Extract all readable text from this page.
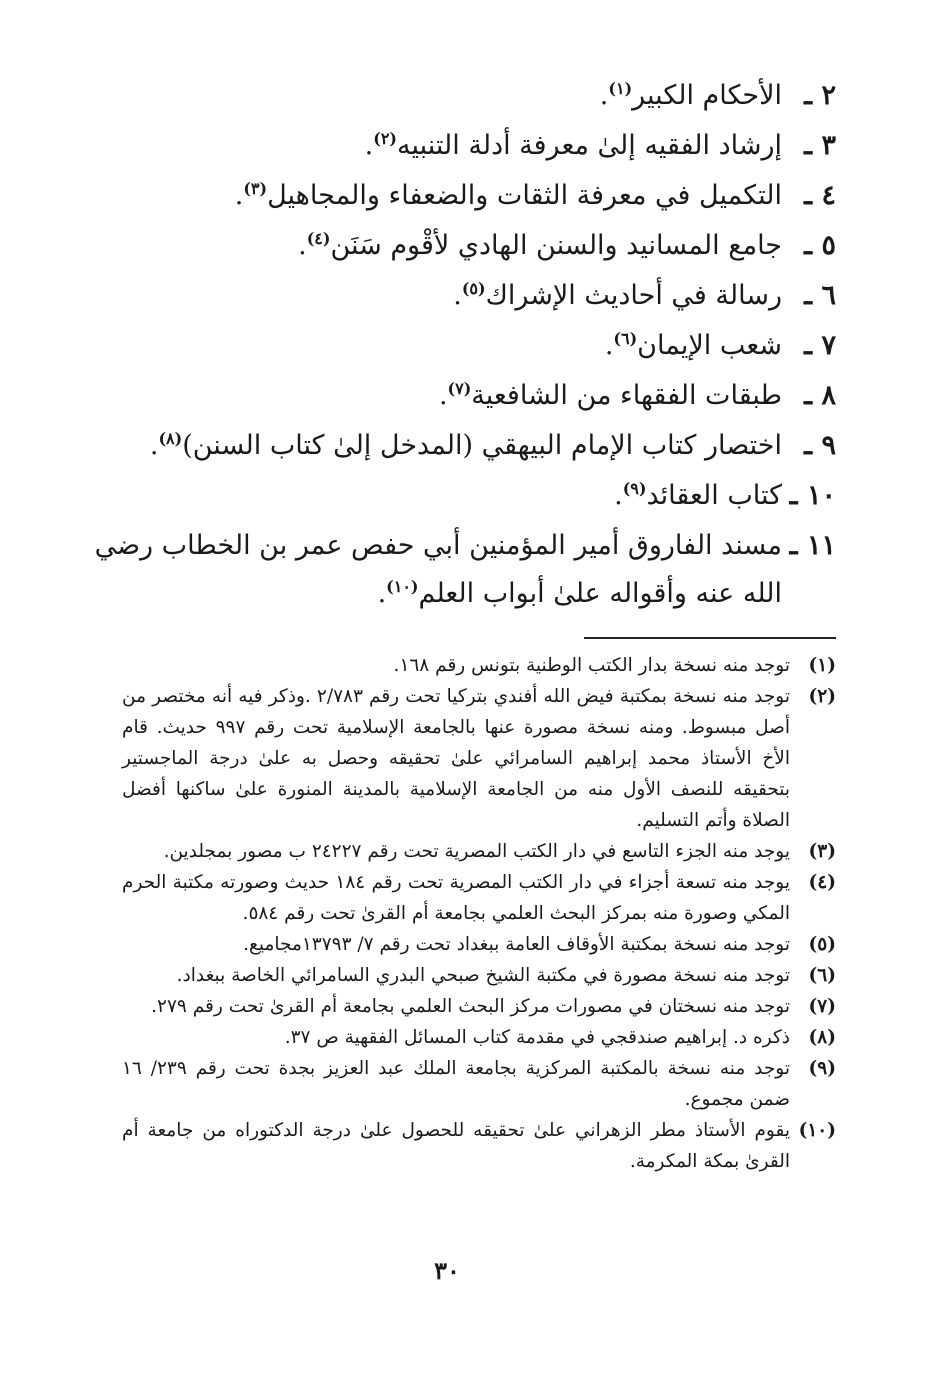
٢ ـ
الأحكام الكبير$^{(١)}$.
٣ ـ
إرشاد الفقيه إلىٰ معرفة أدلة التنبيه$^{(٢)}$.
٤ ـ
التكميل في معرفة الثقات والضعفاء والمجاهيل$^{(٣)}$.
٥ ـ
جامع المسانيد والسنن الهادي لأقْوم سَنَن$^{(٤)}$.
٦ ـ
رسالة في أحاديث الإشراك$^{(٥)}$.
٧ ـ
شعب الإيمان$^{(٦)}$.
٨ ـ
طبقات الفقهاء من الشافعية$^{(٧)}$.
٩ ـ
اختصار كتاب الإمام البيهقي (المدخل إلىٰ كتاب السنن)$^{(٨)}$.
١٠ ـ
كتاب العقائد$^{(٩)}$.
١١ ـ
مسند الفاروق أمير المؤمنين أبي حفص عمر بن الخطاب رضي الله عنه وأقواله علىٰ أبواب العلم$^{(١٠)}$.
(١)
توجد منه نسخة بدار الكتب الوطنية بتونس رقم ١٦٨.
(٢)
توجد منه نسخة بمكتبة فيض الله أفندي بتركيا تحت رقم ٢/٧٨٣ .وذكر فيه أنه مختصر من أصل مبسوط. ومنه نسخة مصورة عنها بالجامعة الإسلامية تحت رقم ٩٩٧ حديث. قام الأخ الأستاذ محمد إبراهيم السامرائي علىٰ تحقيقه وحصل به علىٰ درجة الماجستير بتحقيقه للنصف الأول منه من الجامعة الإسلامية بالمدينة المنورة علىٰ ساكنها أفضل الصلاة وأتم التسليم.
(٣)
يوجد منه الجزء التاسع في دار الكتب المصرية تحت رقم ٢٤٢٢٧ ب مصور بمجلدين.
(٤)
يوجد منه تسعة أجزاء في دار الكتب المصرية تحت رقم ١٨٤ حديث وصورته مكتبة الحرم المكي وصورة منه بمركز البحث العلمي بجامعة أم القرىٰ تحت رقم ٥٨٤.
(٥)
توجد منه نسخة بمكتبة الأوقاف العامة ببغداد تحت رقم ٧/ ١٣٧٩٣مجاميع.
(٦)
توجد منه نسخة مصورة في مكتبة الشيخ صبحي البدري السامرائي الخاصة ببغداد.
(٧)
توجد منه نسختان في مصورات مركز البحث العلمي بجامعة أم القرىٰ تحت رقم ٢٧٩.
(٨)
ذكره د. إبراهيم صندقجي في مقدمة كتاب المسائل الفقهية ص ٣٧.
(٩)
توجد منه نسخة بالمكتبة المركزية بجامعة الملك عبد العزيز بجدة تحت رقم ٢٣٩/ ١٦ ضمن مجموع.
(١٠)
يقوم الأستاذ مطر الزهراني علىٰ تحقيقه للحصول علىٰ درجة الدكتوراه من جامعة أم القرىٰ بمكة المكرمة.
٣٠
